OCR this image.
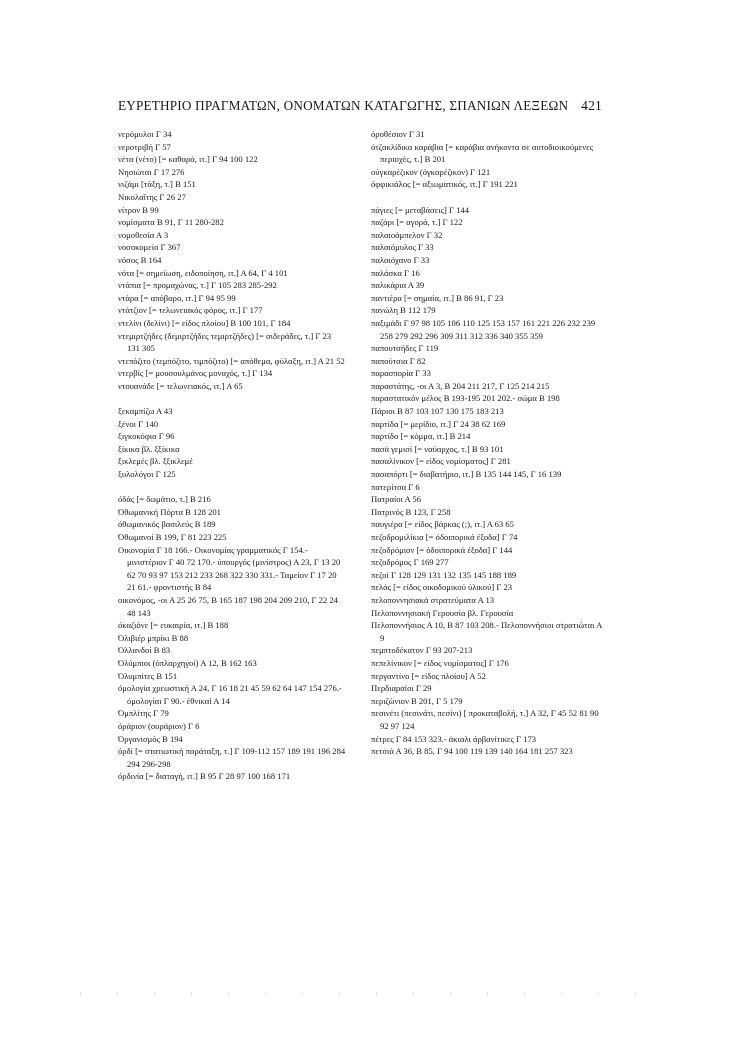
ΕΥΡΕΤΗΡΙΟ ΠΡΑΓΜΑΤΩΝ, ΟΝΟΜΑΤΩΝ ΚΑΤΑΓΩΓΗΣ, ΣΠΑΝΙΩΝ ΛΕΞΕΩΝ 421
νερόμυλοι Γ 34
νεροτριβή Γ 57
νέτα (νέτο) [= καθαρά, ιτ.] Γ 94 100 122
Νησιώται Γ 17 276
νιζάμι [τάξη, τ.] Β 151
Νικολαΐτης Γ 26 27
νίτρον Β 99
νομίσματα Β 91, Γ 11 280-282
νομοθεσία Α 3
νοσοκομείο Γ 367
νόσος Β 164
νότα [= σημείωση, ειδοποίηση, ιτ.] Α 64, Γ 4 101
ντάπια [= προμαχώνας, τ.] Γ 105 283 285-292
ντάρα [= απόβαρο, ιτ.] Γ 94 95 99
ντάτζιον [= τελωνειακός φόρος, ιτ.] Γ 177
ντελίνι (δελίνι) [= είδος πλοίου] Β 100 101, Γ 184
ντεμιρτζήδες (δεμιρτζήδες τεμιρτζήδες) [= σιδεράδες, τ.] Γ 23 131 305
ντεπόζιτο (τεμπόζιτο, τιμπόζιτο) [= απόθεμα, φύλαξη, ιτ.] Α 21 52
ντερβίς [= μουσουλμάνος μοναχός, τ.] Γ 134
ντουανάδε [= τελωνειακός, ιτ.] Α 65
ξεκαμπίζω Α 43
ξένοι Γ 140
ξιγκοκόφια Γ 96
ξίκικα βλ. ξξίκικα
ξικλεμές βλ. ξξικλεμέ
ξυλολόγοι Γ 125
όδάς [= δωμάτιο, τ.] Β 216
Όθωμανική Πόρτα Β 128 201
όθωμανικός βασιλεύς Β 189
Όθωμανοί Β 199, Γ 81 223 225
Οικονομία Γ 18 166.- Οικονομίας γραμματικός Γ 154.- μινιστέριον Γ 40 72 170.- ύπουργός (μινίστρος) Α 23, Γ 13 20 62 70 93 97 153 212 233 268 322 330 331.- Ταμείον Γ 17 20 21 61.- φροντιστής Β 84
οικονόμος, -οι Α 25 26 75, Β 165 187 198 204 209 210, Γ 22 24 48 143
όκαζιόνε [= ευκαιρία, ιτ.] Β 188
Όλιβιέρ μπρίκι Β 88
Όλλανδοί Β 83
Όλύμπιοι (όπλαρχηγοί) Α 12, Β 162 163
Όλυμπίτες Β 151
όμολογία χρεωστική Α 24, Γ 16 18 21 45 59 62 64 147 154 276.- όμολογίαι Γ 90.- έθνικαί Α 14
Όμπλίτης Γ 79
όράριον (ουράριον) Γ 6
Όργανισμός Β 194
όρδί [= στατιωτική παράταξη, τ.] Γ 109-112 157 189 191 196 284 294 296-298
όρδινία [= διαταγή, ιτ.] Β 95 Γ 28 97 100 168 171
όροθέσιον Γ 31
ότζακλίδικα καράβια [= καράβια ανήκοντα σε αυτοδιοικούμενες περιοχές, τ.] Β 201
ούγκαρέζικον (όγκαρέζικον) Γ 121
όφφικιάλος [= αξιωματικός, ιτ.] Γ 191 221
πάγιες [= μεταβάσεις] Γ 144
παζάρι [= αγορά, τ.] Γ 122
παλαιοάμπελον Γ 32
παλαιόμυλος Γ 33
παλαιόχανο Γ 33
παλάσκα Γ 16
παλικάρια Α 39
παντιέρα [= σημαία, ιτ.] Β 86 91, Γ 23
πανώλη Β 112 179
παξιμάδι Γ 97 98 105 106 110 125 153 157 161 221 226 232 239 258 279 292 296 309 311 312 336 340 355 359
παπουτσήδες Γ 119
παπούτσια Γ 82
παρασπορία Γ 33
παραστάτης, -οι Α 3, Β 204 211 217, Γ 125 214 215
παραστατικόν μέλος Β 193-195 201 202.- σώμα Β 198
Πάριοι Β 87 103 107 130 175 183 213
παρτίδα [= μερίδιο, ιτ.] Γ 24 38 62 169
παρτίδο [= κόμμα, ιτ.] Β 214
πασά γεμισί [= ναύαρχος, τ.] Β 93 101
πασαλίνικον [= είδος νομίσματος] Γ 281
πασαπόρτι [= διαβατήριο, ιτ.] Β 135 144 145, Γ 16 139
πατερίτσα Γ 6
Πατραίοι Α 56
Πατρινός Β 123, Γ 258
παυγιέρα [= είδος βάρκας (;), ιτ.] Α 63 65
πεζοδρομιλίκια [= όδοιπορικά έξοδα] Γ 74
πεζοδρόμιον [= όδοιπορικά έξοδα] Γ 144
πεζοδρόμος Γ 169 277
πεζοί Γ 128 129 131 132 135 145 188 189
πελάς [= είδος οικοδομικού ύλικού] Γ 23
πελοποννησιακά στρατεύματα Α 13
Πελοποννησιακή Γερουσία βλ. Γερουσία
Πελοποννήσιος Α 10, Β 87 103 208.- Πελοποννήσιοι στρατιώται Α 9
πεμπτοδέκατον Γ 93 207-213
πεπελίνικον [= είδος νομίσματος] Γ 176
περγαντίνο [= είδος πλοίου] Α 52
Περδιαραίοι Γ 29
περιζώνιον Β 201, Γ 5 179
πεσινέτι (πεσινάτι, πεσίνι) [ προκαταβολή, τ.] Α 32, Γ 45 52 81 90 92 97 124
πέτρες Γ 84 153 323.- άκιαλι άρβανίτικες Γ 173
πετσιά Α 36, Β 85, Γ 94 100 119 139 140 164 181 257 323
